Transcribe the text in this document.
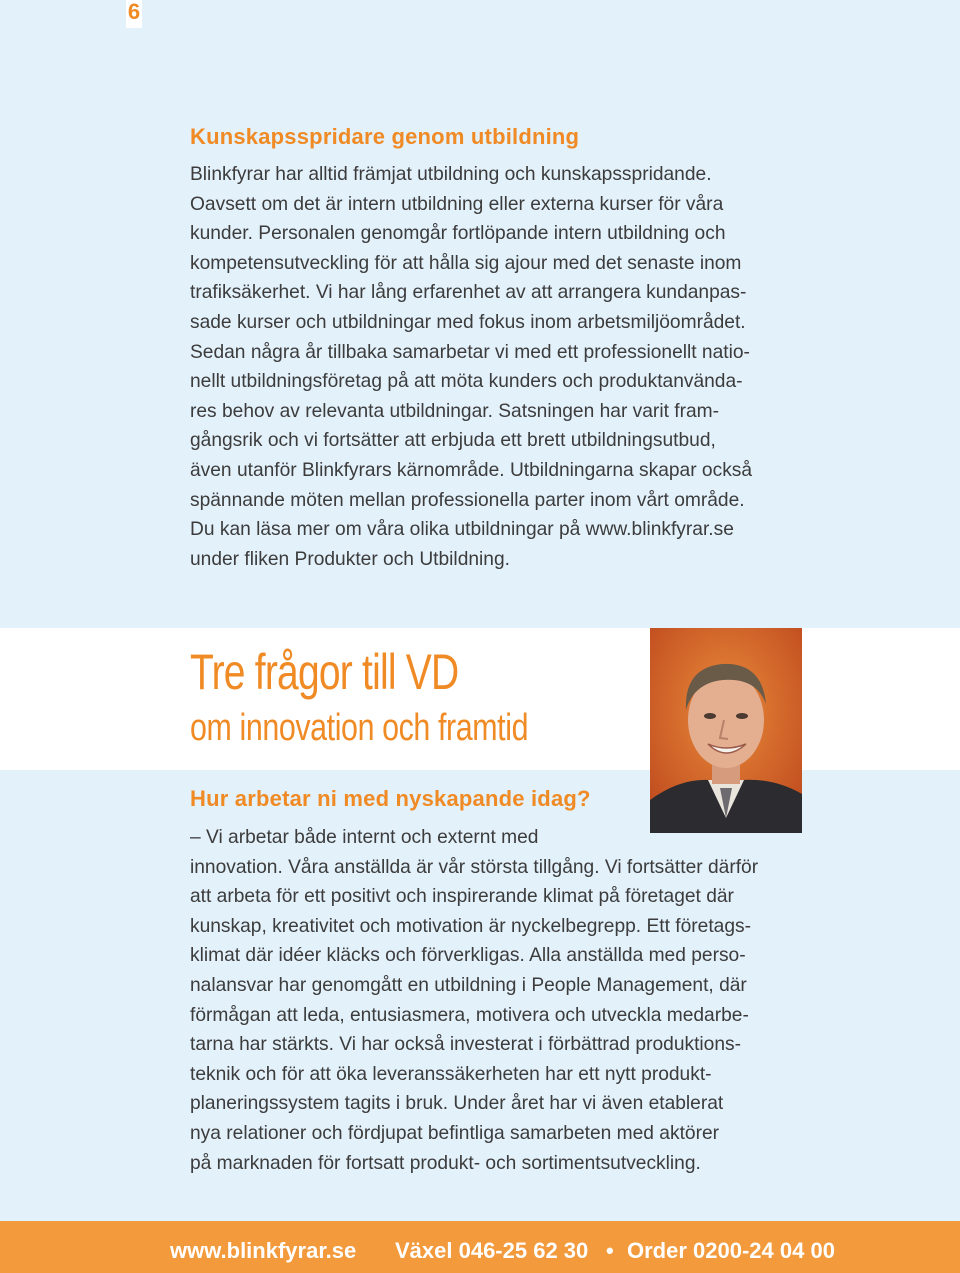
6
Kunskapsspridare genom utbildning

Blinkfyrar har alltid främjat utbildning och kunskapsspridande.
Oavsett om det är intern utbildning eller externa kurser för våra
kunder. Personalen genomgår fortlöpande intern utbildning och
kompetensutveckling för att hålla sig ajour med det senaste inom
trafiksäkerhet. Vi har lång erfarenhet av att arrangera kundanpas-
sade kurser och utbildningar med fokus inom arbetsmiljöområdet.
Sedan några år tillbaka samarbetar vi med ett professionellt natio-
nellt utbildningsföretag på att möta kunders och produktanvända-
res behov av relevanta utbildningar. Satsningen har varit fram-
gångsrik och vi fortsätter att erbjuda ett brett utbildningsutbud,
även utanför Blinkfyrars kärnområde. Utbildningarna skapar också
spännande möten mellan professionella parter inom vårt område.
Du kan läsa mer om våra olika utbildningar på www.blinkfyrar.se
under fliken Produkter och Utbildning.

Tre frågor till VD
om innovation och framtid
Hur arbetar ni med nyskapande idag?

– Vi arbetar både internt och externt med
innovation. Våra anställda är vår största tillgång. Vi fortsätter därför
att arbeta för ett positivt och inspirerande klimat på företaget där
kunskap, kreativitet och motivation är nyckelbegrepp. Ett företags-
klimat där idéer kläcks och förverkligas. Alla anställda med perso-
nalansvar har genomgått en utbildning i People Management, där
förmågan att leda, entusiasmera, motivera och utveckla medarbe-
tarna har stärkts. Vi har också investerat i förbättrad produktions-
teknik och för att öka leveranssäkerheten har ett nytt produkt-
planeringssystem tagits i bruk. Under året har vi även etablerat
nya relationer och fördjupat befintliga samarbeten med aktörer
på marknaden för fortsatt produkt- och sortimentsutveckling.

www.blinkfyrar.se Växel 046-25 62 30 • Order 0200-24 04 00
